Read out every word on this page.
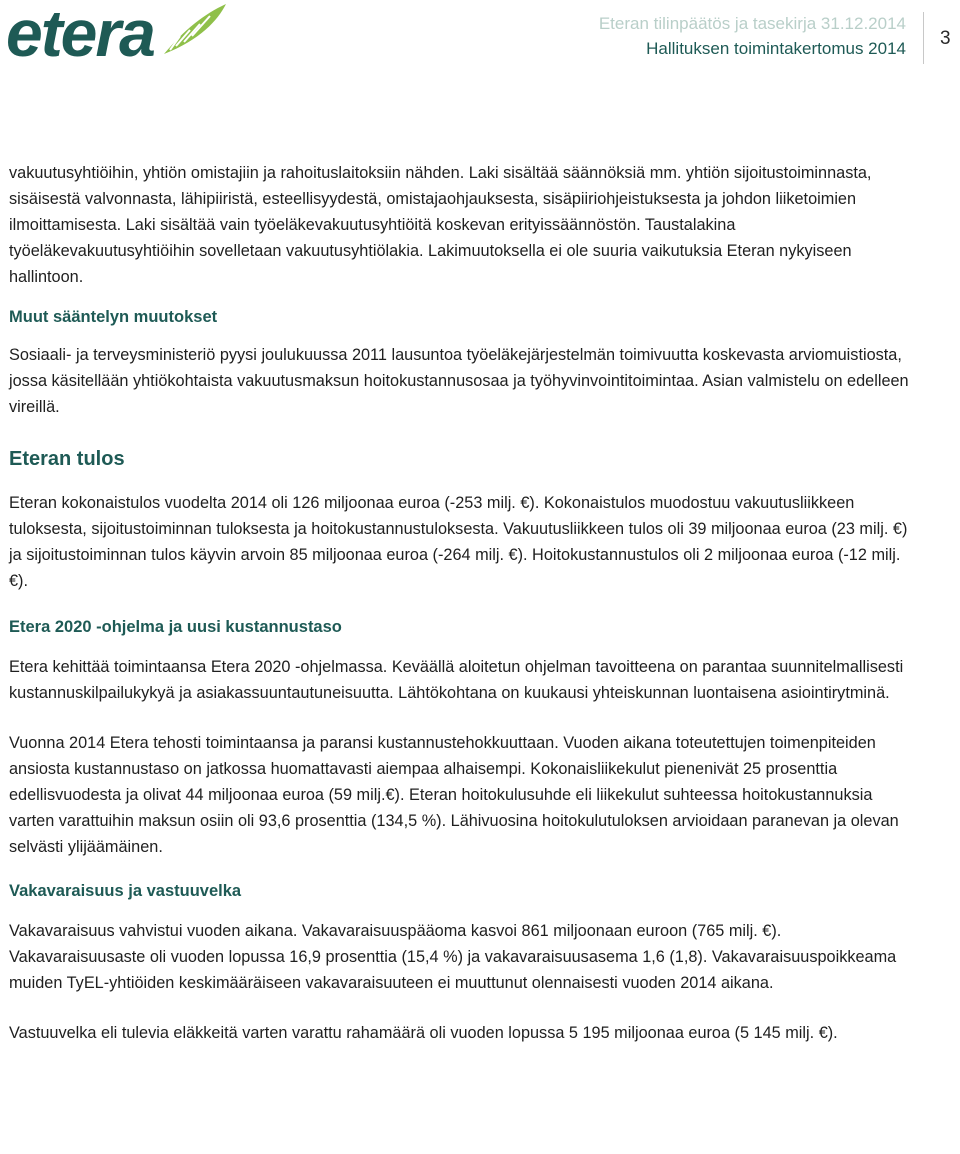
etera	Eteran tilinpäätös ja tasekirja 31.12.2014
Hallituksen toimintakertomus 2014 3

vakuutusyhtiöihin, yhtiön omistajiin ja rahoituslaitoksiin nähden. Laki sisältää säännöksiä mm. yhtiön sijoitustoiminnasta, sisäisestä valvonnasta, lähipiiristä, esteellisyydestä, omistajaohjauksesta, sisäpiiriohjeistuksesta ja johdon liiketoimien ilmoittamisesta. Laki sisältää vain työeläkevakuutusyhtiöitä koskevan erityissäännöstön. Taustalakina työeläkevakuutusyhtiöihin sovelletaan vakuutusyhtiölakia. Lakimuutoksella ei ole suuria vaikutuksia Eteran nykyiseen hallintoon.

Muut sääntelyn muutokset

Sosiaali- ja terveysministeriö pyysi joulukuussa 2011 lausuntoa työeläkejärjestelmän toimivuutta koskevasta arviomuistiosta, jossa käsitellään yhtiökohtaista vakuutusmaksun hoitokustannusosaa ja työhyvinvointitoimintaa. Asian valmistelu on edelleen vireillä.

Eteran tulos

Eteran kokonaistulos vuodelta 2014 oli 126 miljoonaa euroa (-253 milj. €). Kokonaistulos muodostuu vakuutusliikkeen tuloksesta, sijoitustoiminnan tuloksesta ja hoitokustannustuloksesta. Vakuutusliikkeen tulos oli 39 miljoonaa euroa (23 milj. €) ja sijoitustoiminnan tulos käyvin arvoin 85 miljoonaa euroa (-264 milj. €). Hoitokustannustulos oli 2 miljoonaa euroa (-12 milj. €).

Etera 2020 -ohjelma ja uusi kustannustaso

Etera kehittää toimintaansa Etera 2020 -ohjelmassa. Keväällä aloitetun ohjelman tavoitteena on parantaa suunnitelmallisesti kustannuskilpailukykyä ja asiakassuuntautuneisuutta. Lähtökohtana on kuukausi yhteiskunnan luontaisena asiointirytminä.

Vuonna 2014 Etera tehosti toimintaansa ja paransi kustannustehokkuuttaan. Vuoden aikana toteutettujen toimenpiteiden ansiosta kustannustaso on jatkossa huomattavasti aiempaa alhaisempi. Kokonaisliikekulut pienenivät 25 prosenttia edellisvuodesta ja olivat 44 miljoonaa euroa (59 milj.€). Eteran hoitokulusuhde eli liikekulut suhteessa hoitokustannuksia varten varattuihin maksun osiin oli 93,6 prosenttia (134,5 %). Lähivuosina hoitokulutuloksen arvioidaan paranevan ja olevan selvästi ylijäämäinen.

Vakavaraisuus ja vastuuvelka

Vakavaraisuus vahvistui vuoden aikana. Vakavaraisuuspääoma kasvoi 861 miljoonaan euroon (765 milj. €). Vakavaraisuusaste oli vuoden lopussa 16,9 prosenttia (15,4 %) ja vakavaraisuusasema 1,6 (1,8). Vakavaraisuuspoikkeama muiden TyEL-yhtiöiden keskimääräiseen vakavaraisuuteen ei muuttunut olennaisesti vuoden 2014 aikana.

Vastuuvelka eli tulevia eläkkeitä varten varattu rahamäärä oli vuoden lopussa 5 195 miljoonaa euroa (5 145 milj. €).
